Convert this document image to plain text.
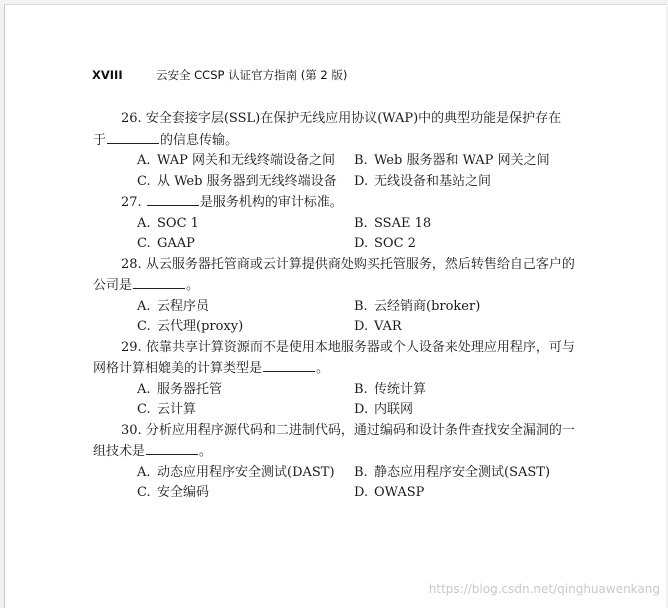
XVIII	云安全 CCSP 认证官方指南 (第 2 版)
26. 安全套接字层(SSL)在保护无线应用协议(WAP)中的典型功能是保护存在
于	的信息传输。
A. WAP 网关和无线终端设备之间	B. Web 服务器和 WAP 网关之间
C. 从 Web 服务器到无线终端设备	D. 无线设备和基站之间
27.	是服务机构的审计标准。
A. SOC 1	B. SSAE 18
C. GAAP	D. SOC 2
28. 从云服务器托管商或云计算提供商处购买托管服务，然后转售给自己客户的
公司是	。
A. 云程序员	B. 云经销商(broker)
C. 云代理(proxy)	D. VAR
29. 依靠共享计算资源而不是使用本地服务器或个人设备来处理应用程序，可与
网格计算相媲美的计算类型是	。
A. 服务器托管	B. 传统计算
C. 云计算	D. 内联网
30. 分析应用程序源代码和二进制代码，通过编码和设计条件查找安全漏洞的一
组技术是	。
A. 动态应用程序安全测试(DAST)	B. 静态应用程序安全测试(SAST)
C. 安全编码	D. OWASP
https://blog.csdn.net/qinghuawenkang
